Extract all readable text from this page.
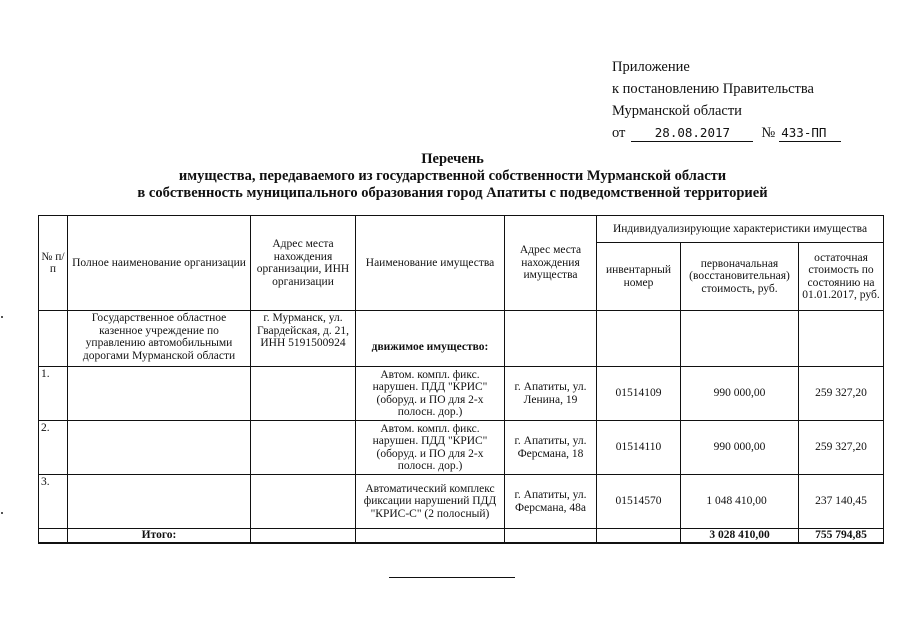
Приложение
к постановлению Правительства
Мурманской области
от	28.08.2017	№ 433-ПП
Перечень
имущества, передаваемого из государственной собственности Мурманской области
в собственность муниципального образования город Апатиты с подведомственной территорией
№ п/п	Полное наименование организации	Адрес места нахождения организации, ИНН организации	Наименование имущества	Адрес места нахождения имущества	Индивидуализирующие характеристики имущества		
					инвентарный номер	первоначальная (восстановительная) стоимость, руб.	остаточная стоимость по состоянию на 01.01.2017, руб.
	Государственное областное казенное учреждение по управлению автомобильными дорогами Мурманской области	г. Мурманск, ул. Гвардейская, д. 21, ИНН 5191500924	движимое имущество:				
1.			Автом. компл. фикс. нарушен. ПДД "КРИС"(оборуд. и ПО для 2-х полосн. дор.)	г. Апатиты, ул. Ленина, 19	01514109	990 000,00	259 327,20
2.			Автом. компл. фикс. нарушен. ПДД "КРИС"(оборуд. и ПО для 2-х полосн. дор.)	г. Апатиты, ул. Ферсмана, 18	01514110	990 000,00	259 327,20
3.			Автоматический комплекс фиксации нарушений ПДД "КРИС-С" (2 полосный)	г. Апатиты, ул. Ферсмана, 48а	01514570	1 048 410,00	237 140,45
	Итого:					3 028 410,00	755 794,85
